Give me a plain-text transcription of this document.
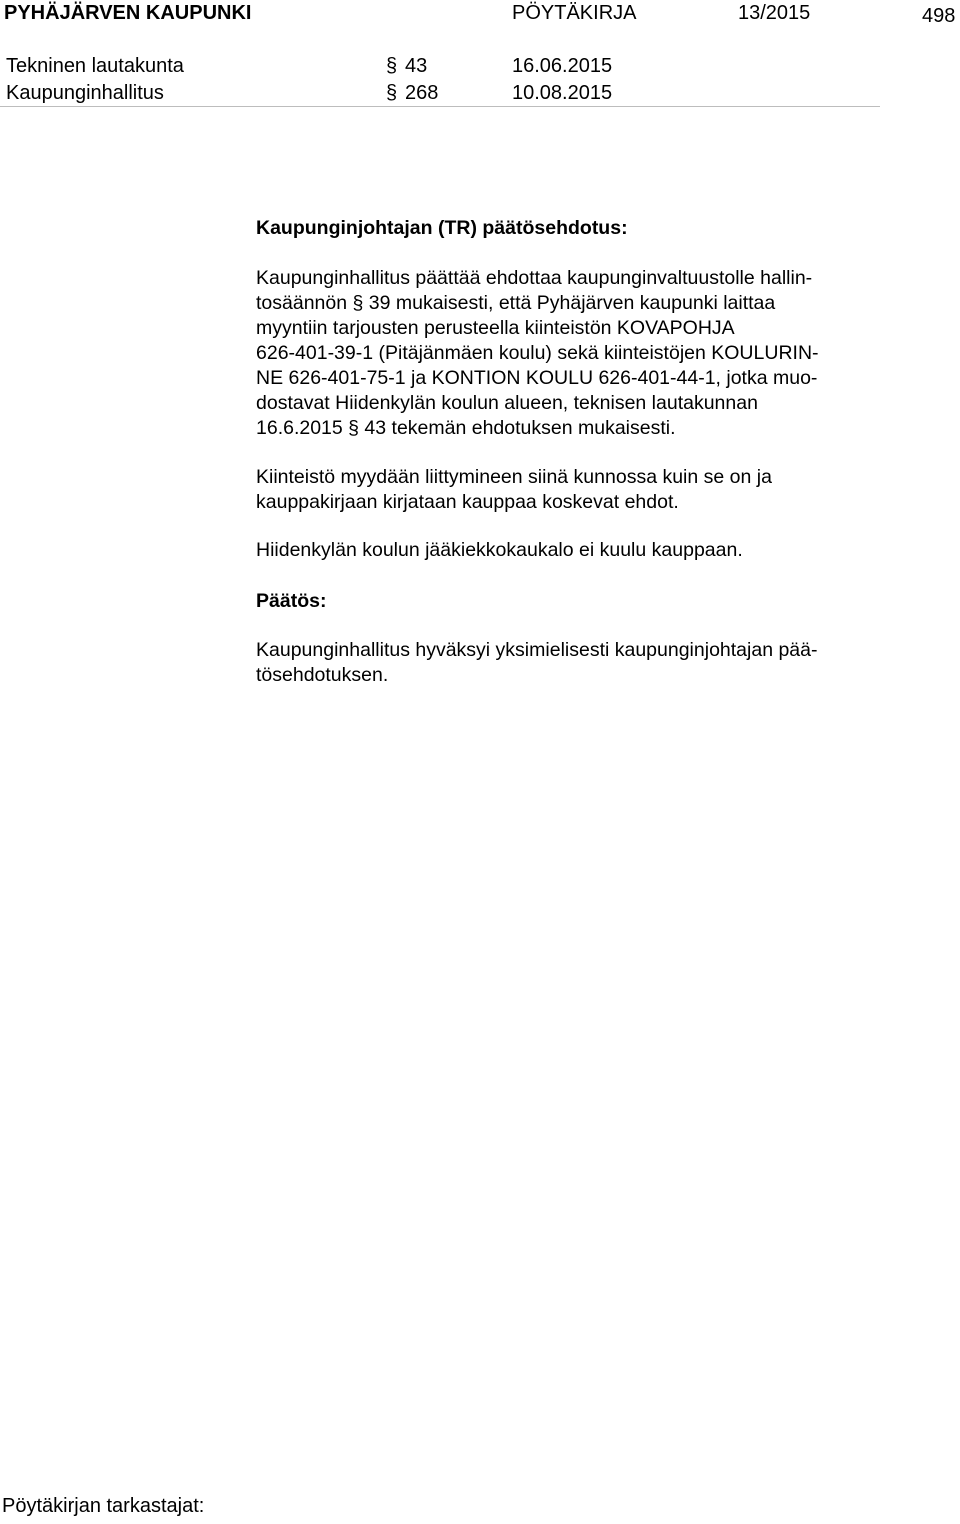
PYHÄJÄRVEN KAUPUNKI	PÖYTÄKIRJA	13/2015	498
Tekninen lautakunta	§ 43	16.06.2015
Kaupunginhallitus	§ 268	10.08.2015
Kaupunginjohtajan (TR) päätösehdotus:

Kaupunginhallitus päättää ehdottaa kaupunginvaltuustolle hallin-

tosäännön § 39 mukaisesti, että Pyhäjärven kaupunki laittaa

myyntiin tarjousten perusteella kiinteistön KOVAPOHJA

626-401-39-1 (Pitäjänmäen koulu) sekä kiinteistöjen KOULURIN-

NE 626-401-75-1 ja KONTION KOULU 626-401-44-1, jotka muo-

dostavat Hiidenkylän koulun alueen, teknisen lautakunnan

16.6.2015 § 43 tekemän ehdotuksen mukaisesti.

Kiinteistö myydään liittymineen siinä kunnossa kuin se on ja

kauppakirjaan kirjataan kauppaa koskevat ehdot.

Hiidenkylän koulun jääkiekkokaukalo ei kuulu kauppaan.

Päätös:

Kaupunginhallitus hyväksyi yksimielisesti kaupunginjohtajan pää-

tösehdotuksen.

Pöytäkirjan tarkastajat:
